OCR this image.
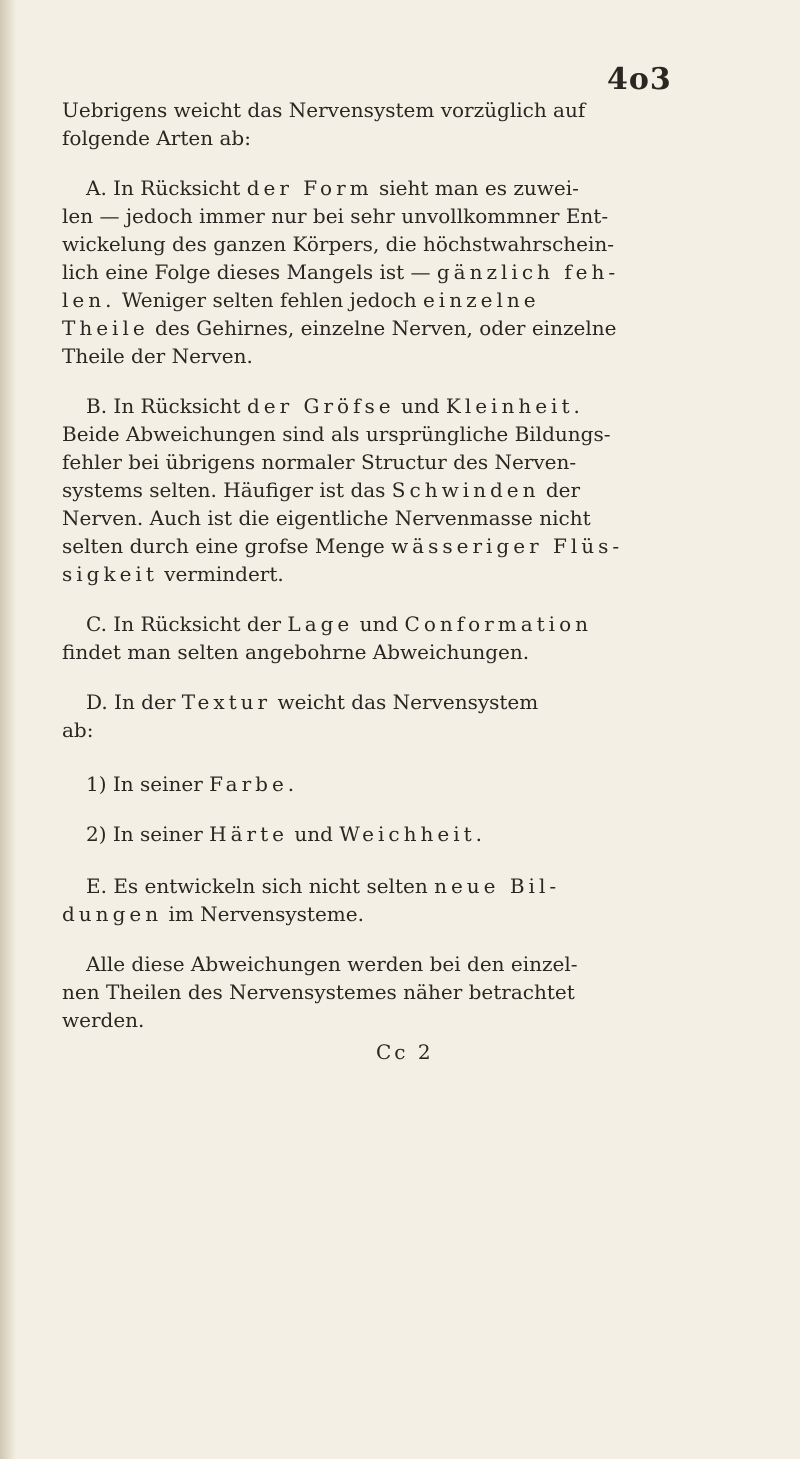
4o3
Uebrigens weicht das Nervensystem vorzüglich auf
folgende Arten ab:
A. In Rücksicht der Form sieht man es zuwei-
len — jedoch immer nur bei sehr unvollkommner Ent-
wickelung des ganzen Körpers, die höchstwahrschein-
lich eine Folge dieses Mangels ist — gänzlich feh-
len. Weniger selten fehlen jedoch einzelne
Theile des Gehirnes, einzelne Nerven, oder einzelne
Theile der Nerven.
B. In Rücksicht der Gröfse und Kleinheit.
Beide Abweichungen sind als ursprüngliche Bildungs-
fehler bei übrigens normaler Structur des Nerven-
systems selten. Häufiger ist das Schwinden der
Nerven. Auch ist die eigentliche Nervenmasse nicht
selten durch eine grofse Menge wässeriger Flüs-
sigkeit vermindert.
C. In Rücksicht der Lage und Conformation
findet man selten angebohrne Abweichungen.
D. In der Textur weicht das Nervensystem
ab:
1) In seiner Farbe.
2) In seiner Härte und Weichheit.
E. Es entwickeln sich nicht selten neue Bil-
dungen im Nervensysteme.
Alle diese Abweichungen werden bei den einzel-
nen Theilen des Nervensystemes näher betrachtet
werden.
Cc 2
